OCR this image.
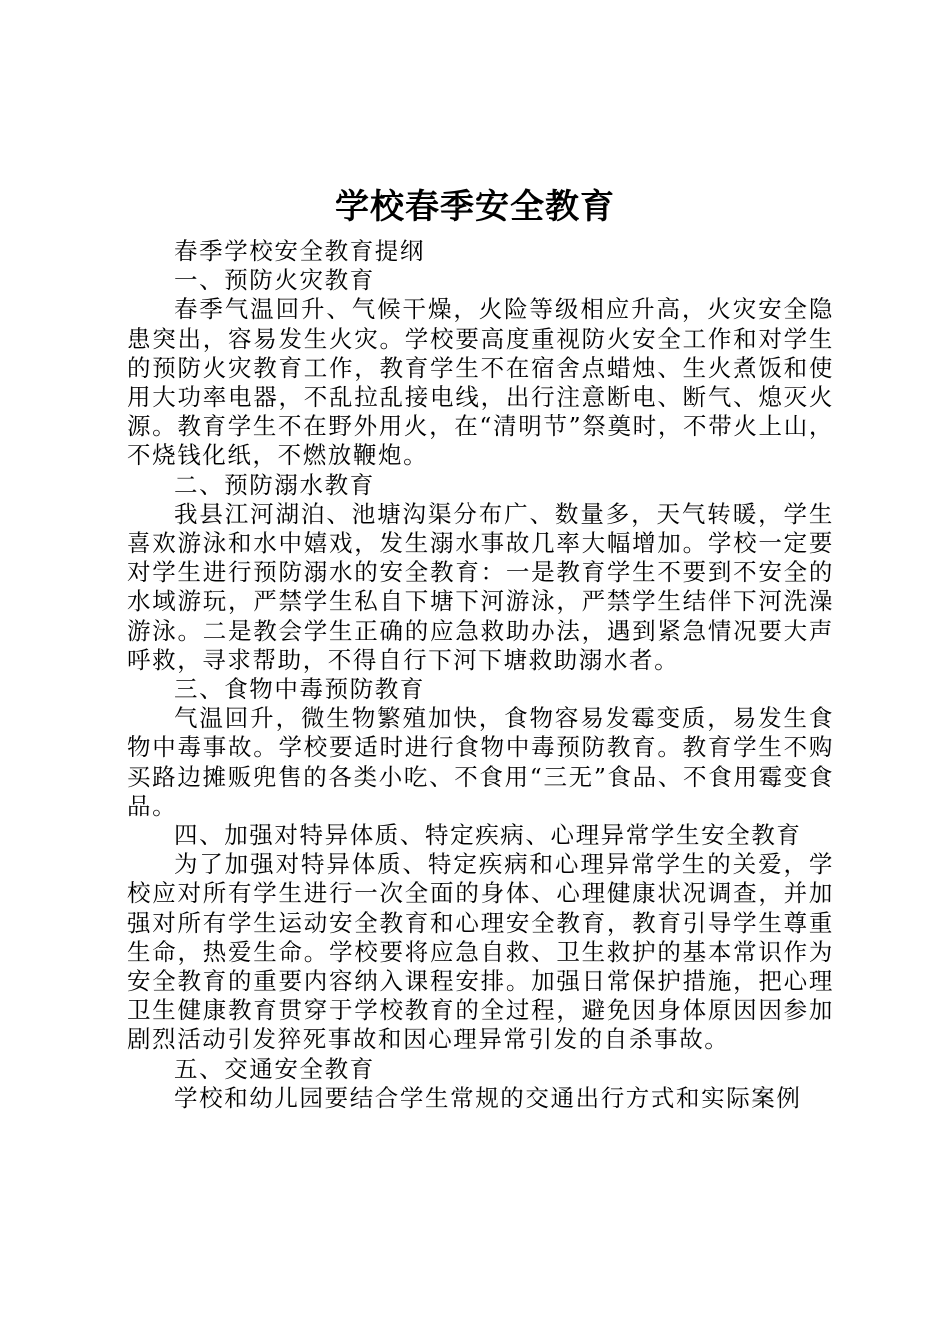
学校春季安全教育

春季学校安全教育提纲

一、预防火灾教育

春季气温回升、气候干燥，火险等级相应升高，火灾安全隐患突出，容易发生火灾。学校要高度重视防火安全工作和对学生的预防火灾教育工作，教育学生不在宿舍点蜡烛、生火煮饭和使用大功率电器，不乱拉乱接电线，出行注意断电、断气、熄灭火源。教育学生不在野外用火，在“清明节”祭奠时，不带火上山，不烧钱化纸，不燃放鞭炮。

二、预防溺水教育

我县江河湖泊、池塘沟渠分布广、数量多，天气转暖，学生喜欢游泳和水中嬉戏，发生溺水事故几率大幅增加。学校一定要对学生进行预防溺水的安全教育：一是教育学生不要到不安全的水域游玩，严禁学生私自下塘下河游泳，严禁学生结伴下河洗澡游泳。二是教会学生正确的应急救助办法，遇到紧急情况要大声呼救，寻求帮助，不得自行下河下塘救助溺水者。

三、食物中毒预防教育

气温回升，微生物繁殖加快，食物容易发霉变质，易发生食物中毒事故。学校要适时进行食物中毒预防教育。教育学生不购买路边摊贩兜售的各类小吃、不食用“三无”食品、不食用霉变食品。

四、加强对特异体质、特定疾病、心理异常学生安全教育

为了加强对特异体质、特定疾病和心理异常学生的关爱，学校应对所有学生进行一次全面的身体、心理健康状况调查，并加强对所有学生运动安全教育和心理安全教育，教育引导学生尊重生命，热爱生命。学校要将应急自救、卫生救护的基本常识作为安全教育的重要内容纳入课程安排。加强日常保护措施，把心理卫生健康教育贯穿于学校教育的全过程，避免因身体原因因参加剧烈活动引发猝死事故和因心理异常引发的自杀事故。

五、交通安全教育

学校和幼儿园要结合学生常规的交通出行方式和实际案例
